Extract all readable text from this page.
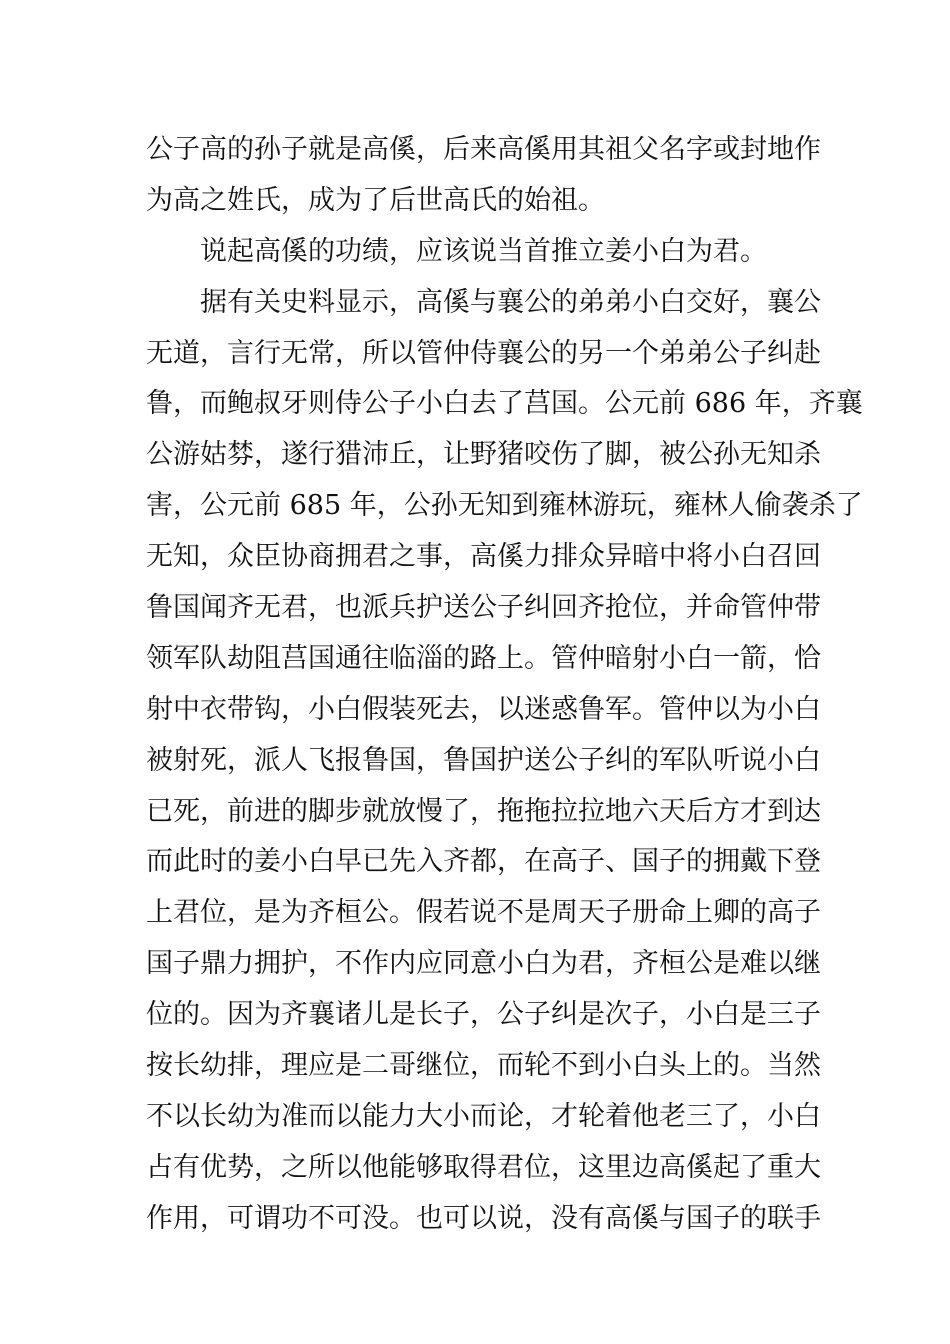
公子高的孙子就是高傒，后来高傒用其祖父名字或封地作
为高之姓氏，成为了后世高氏的始祖。
说起高傒的功绩，应该说当首推立姜小白为君。
据有关史料显示，高傒与襄公的弟弟小白交好，襄公
无道，言行无常，所以管仲侍襄公的另一个弟弟公子纠赴
鲁，而鲍叔牙则侍公子小白去了莒国。公元前 686 年，齐襄
公游姑棼，遂行猎沛丘，让野猪咬伤了脚，被公孙无知杀
害，公元前 685 年，公孙无知到雍林游玩，雍林人偷袭杀了
无知，众臣协商拥君之事，高傒力排众异暗中将小白召回
鲁国闻齐无君，也派兵护送公子纠回齐抢位，并命管仲带
领军队劫阻莒国通往临淄的路上。管仲暗射小白一箭，恰
射中衣带钩，小白假装死去，以迷惑鲁军。管仲以为小白
被射死，派人飞报鲁国，鲁国护送公子纠的军队听说小白
已死，前进的脚步就放慢了，拖拖拉拉地六天后方才到达
而此时的姜小白早已先入齐都，在高子、国子的拥戴下登
上君位，是为齐桓公。假若说不是周天子册命上卿的高子
国子鼎力拥护，不作内应同意小白为君，齐桓公是难以继
位的。因为齐襄诸儿是长子，公子纠是次子，小白是三子
按长幼排，理应是二哥继位，而轮不到小白头上的。当然
不以长幼为准而以能力大小而论，才轮着他老三了，小白
占有优势，之所以他能够取得君位，这里边高傒起了重大
作用，可谓功不可没。也可以说，没有高傒与国子的联手
